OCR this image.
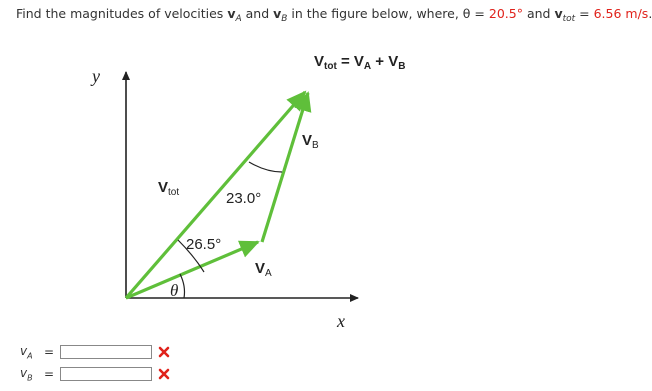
Find the magnitudes of velocities $v_A$ and $v_B$ in the figure below, where, θ = 20.5° and $v_{tot} = 6.56$ m/s.
$V_{tot} = V_A + V_B$
y
x
$V_{tot}$
$V_B$
$V_A$
23.0°
26.5°
θ
$v_A$ =
$v_B$ =
